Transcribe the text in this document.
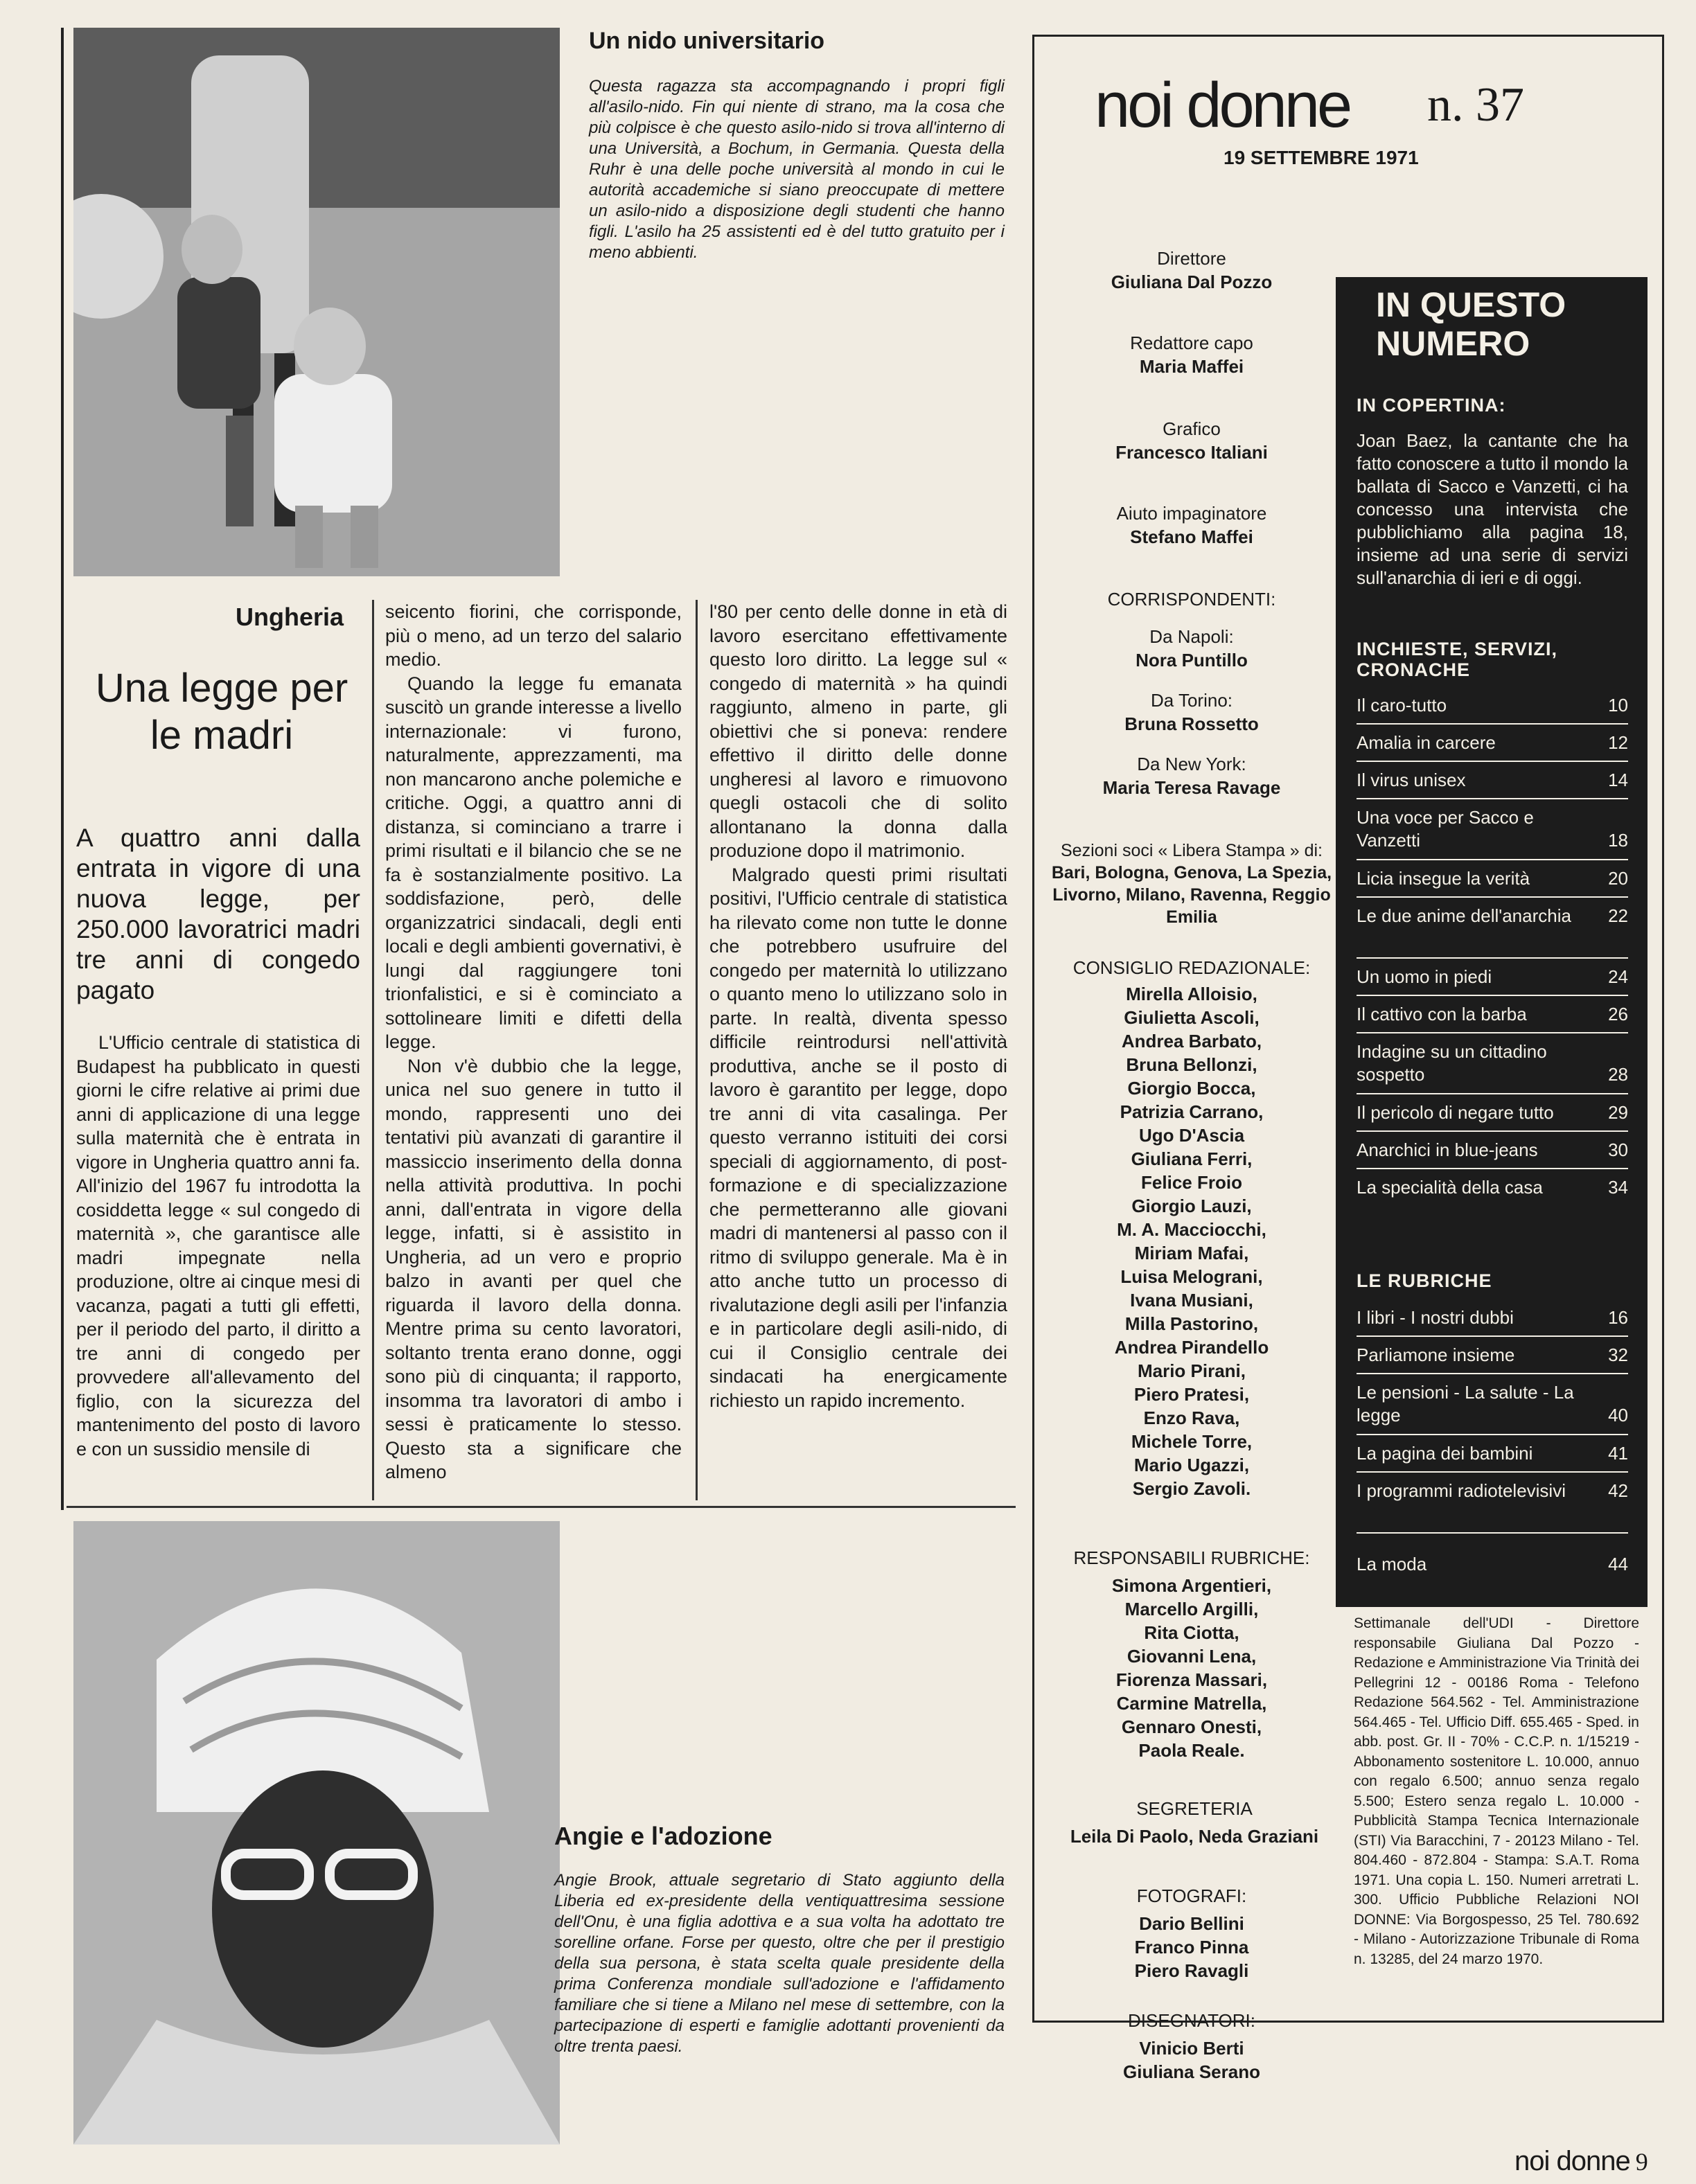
Un nido universitario
Questa ragazza sta accompagnando i propri figli all'asilo-nido. Fin qui niente di strano, ma la cosa che più colpisce è che questo asilo-nido si trova all'interno di una Università, a Bochum, in Germania. Questa della Ruhr è una delle poche università al mondo in cui le autorità accademiche si siano preoccupate di mettere un asilo-nido a disposizione degli studenti che hanno figli. L'asilo ha 25 assistenti ed è del tutto gratuito per i meno abbienti.
Ungheria
Una legge per le madri
A quattro anni dalla entrata in vigore di una nuova legge, per 250.000 lavoratrici madri tre anni di congedo pagato

L'Ufficio centrale di statistica di Budapest ha pubblicato in questi giorni le cifre relative ai primi due anni di applicazione di una legge sulla maternità che è entrata in vigore in Ungheria quattro anni fa. All'inizio del 1967 fu introdotta la cosiddetta legge « sul congedo di maternità », che garantisce alle madri impegnate nella produzione, oltre ai cinque mesi di vacanza, pagati a tutti gli effetti, per il periodo del parto, il diritto a tre anni di congedo per provvedere all'allevamento del figlio, con la sicurezza del mantenimento del posto di lavoro e con un sussidio mensile di

seicento fiorini, che corrisponde, più o meno, ad un terzo del salario medio.

Quando la legge fu emanata suscitò un grande interesse a livello internazionale: vi furono, naturalmente, apprezzamenti, ma non mancarono anche polemiche e critiche. Oggi, a quattro anni di distanza, si cominciano a trarre i primi risultati e il bilancio che se ne fa è sostanzialmente positivo. La soddisfazione, però, delle organizzatrici sindacali, degli enti locali e degli ambienti governativi, è lungi dal raggiungere toni trionfalistici, e si è cominciato a sottolineare limiti e difetti della legge.

Non v'è dubbio che la legge, unica nel suo genere in tutto il mondo, rappresenti uno dei tentativi più avanzati di garantire il massiccio inserimento della donna nella attività produttiva. In pochi anni, dall'entrata in vigore della legge, infatti, si è assistito in Ungheria, ad un vero e proprio balzo in avanti per quel che riguarda il lavoro della donna. Mentre prima su cento lavoratori, soltanto trenta erano donne, oggi sono più di cinquanta; il rapporto, insomma tra lavoratori di ambo i sessi è praticamente lo stesso. Questo sta a significare che almeno

l'80 per cento delle donne in età di lavoro esercitano effettivamente questo loro diritto. La legge sul « congedo di maternità » ha quindi raggiunto, almeno in parte, gli obiettivi che si poneva: rendere effettivo il diritto delle donne ungheresi al lavoro e rimuovono quegli ostacoli che di solito allontanano la donna dalla produzione dopo il matrimonio.

Malgrado questi primi risultati positivi, l'Ufficio centrale di statistica ha rilevato come non tutte le donne che potrebbero usufruire del congedo per maternità lo utilizzano o quanto meno lo utilizzano solo in parte. In realtà, diventa spesso difficile reintrodursi nell'attività produttiva, anche se il posto di lavoro è garantito per legge, dopo tre anni di vita casalinga. Per questo verranno istituiti dei corsi speciali di aggiornamento, di post-formazione e di specializzazione che permetteranno alle giovani madri di mantenersi al passo con il ritmo di sviluppo generale. Ma è in atto anche tutto un processo di rivalutazione degli asili per l'infanzia e in particolare degli asili-nido, di cui il Consiglio centrale dei sindacati ha energicamente richiesto un rapido incremento.

Angie e l'adozione
Angie Brook, attuale segretario di Stato aggiunto della Liberia ed ex-presidente della ventiquattresima sessione dell'Onu, è una figlia adottiva e a sua volta ha adottato tre sorelline orfane. Forse per questo, oltre che per il prestigio della sua persona, è stata scelta quale presidente della prima Conferenza mondiale sull'adozione e l'affidamento familiare che si tiene a Milano nel mese di settembre, con la partecipazione di esperti e famiglie adottanti provenienti da oltre trenta paesi.
noi donne n. 37
19 SETTEMBRE 1971
Direttore
Giuliana Dal Pozzo
Redattore capo
Maria Maffei
Grafico
Francesco Italiani
Aiuto impaginatore
Stefano Maffei
CORRISPONDENTI:
Da Napoli:
Nora Puntillo
Da Torino:
Bruna Rossetto
Da New York:
Maria Teresa Ravage
Sezioni soci « Libera Stampa » di: Bari, Bologna, Genova, La Spezia, Livorno, Milano, Ravenna, Reggio Emilia
CONSIGLIO REDAZIONALE:
Mirella Alloisio,
Giulietta Ascoli,
Andrea Barbato,
Bruna Bellonzi,
Giorgio Bocca,
Patrizia Carrano,
Ugo D'Ascia
Giuliana Ferri,
Felice Froio
Giorgio Lauzi,
M. A. Macciocchi,
Miriam Mafai,
Luisa Melograni,
Ivana Musiani,
Milla Pastorino,
Andrea Pirandello
Mario Pirani,
Piero Pratesi,
Enzo Rava,
Michele Torre,
Mario Ugazzi,
Sergio Zavoli.
RESPONSABILI RUBRICHE:
Simona Argentieri,
Marcello Argilli,
Rita Ciotta,
Giovanni Lena,
Fiorenza Massari,
Carmine Matrella,
Gennaro Onesti,
Paola Reale.
SEGRETERIA
Leila Di Paolo, Neda Graziani
FOTOGRAFI:
Dario Bellini
Franco Pinna
Piero Ravagli
DISEGNATORI:
Vinicio Berti
Giuliana Serano
IN QUESTO NUMERO
IN COPERTINA:
Joan Baez, la cantante che ha fatto conoscere a tutto il mondo la ballata di Sacco e Vanzetti, ci ha concesso una intervista che pubblichiamo alla pagina 18, insieme ad una serie di servizi sull'anarchia di ieri e di oggi.
INCHIESTE, SERVIZI, CRONACHE
Il caro-tutto	10
Amalia in carcere	12
Il virus unisex	14
Una voce per Sacco e Vanzetti	18
Licia insegue la verità	20
Le due anime dell'anarchia	22
Un uomo in piedi	24
Il cattivo con la barba	26
Indagine su un cittadino sospetto	28
Il pericolo di negare tutto	29
Anarchici in blue-jeans	30
La specialità della casa	34
LE RUBRICHE
I libri - I nostri dubbi	16
Parliamone insieme	32
Le pensioni - La salute - La legge	40
La pagina dei bambini	41
I programmi radiotelevisivi	42
La moda	44
Settimanale dell'UDI - Direttore responsabile Giuliana Dal Pozzo - Redazione e Amministrazione Via Trinità dei Pellegrini 12 - 00186 Roma - Telefono Redazione 564.562 - Tel. Amministrazione 564.465 - Tel. Ufficio Diff. 655.465 - Sped. in abb. post. Gr. II - 70% - C.C.P. n. 1/15219 - Abbonamento sostenitore L. 10.000, annuo con regalo 6.500; annuo senza regalo 5.500; Estero senza regalo L. 10.000 - Pubblicità Stampa Tecnica Internazionale (STI) Via Baracchini, 7 - 20123 Milano - Tel. 804.460 - 872.804 - Stampa: S.A.T. Roma 1971. Una copia L. 150. Numeri arretrati L. 300. Ufficio Pubbliche Relazioni NOI DONNE: Via Borgospesso, 25 Tel. 780.692 - Milano - Autorizzazione Tribunale di Roma n. 13285, del 24 marzo 1970.
noi donne 9
